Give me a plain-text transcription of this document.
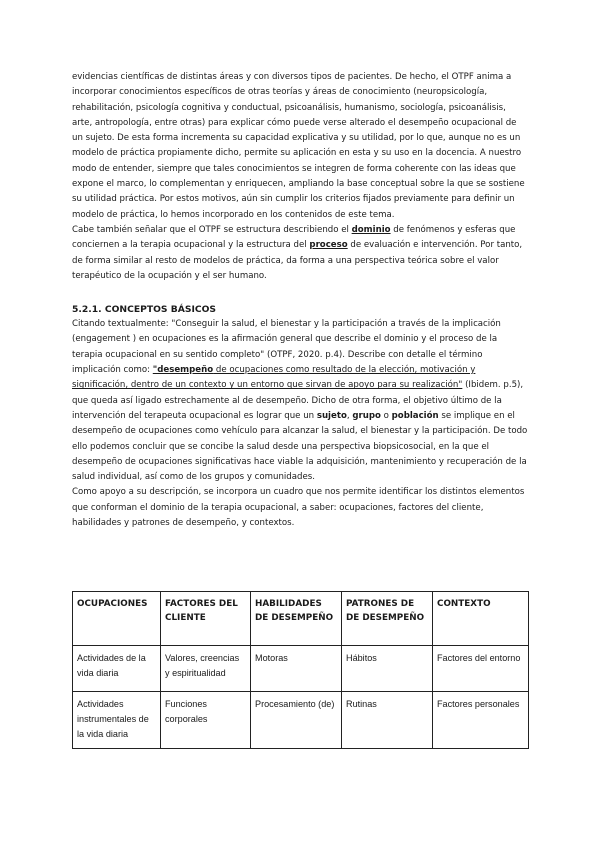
evidencias científicas de distintas áreas y con diversos tipos de pacientes. De hecho, el OTPF anima a incorporar conocimientos específicos de otras teorías y áreas de conocimiento (neuropsicología, rehabilitación, psicología cognitiva y conductual, psicoanálisis, humanismo, sociología, psicoanálisis, arte, antropología, entre otras) para explicar cómo puede verse alterado el desempeño ocupacional de un sujeto. De esta forma incrementa su capacidad explicativa y su utilidad, por lo que, aunque no es un modelo de práctica propiamente dicho, permite su aplicación en esta y su uso en la docencia. A nuestro modo de entender, siempre que tales conocimientos se integren de forma coherente con las ideas que expone el marco, lo complementan y enriquecen, ampliando la base conceptual sobre la que se sostiene su utilidad práctica. Por estos motivos, aún sin cumplir los criterios fijados previamente para definir un modelo de práctica, lo hemos incorporado en los contenidos de este tema.

Cabe también señalar que el OTPF se estructura describiendo el dominio de fenómenos y esferas que conciernen a la terapia ocupacional y la estructura del proceso de evaluación e intervención. Por tanto, de forma similar al resto de modelos de práctica, da forma a una perspectiva teórica sobre el valor terapéutico de la ocupación y el ser humano.

5.2.1. CONCEPTOS BÁSICOS

Citando textualmente: "Conseguir la salud, el bienestar y la participación a través de la implicación (engagement ) en ocupaciones es la afirmación general que describe el dominio y el proceso de la terapia ocupacional en su sentido completo" (OTPF, 2020. p.4). Describe con detalle el término implicación como: "desempeño de ocupaciones como resultado de la elección, motivación y significación, dentro de un contexto y un entorno que sirvan de apoyo para su realización" (Ibidem. p.5), que queda así ligado estrechamente al de desempeño. Dicho de otra forma, el objetivo último de la intervención del terapeuta ocupacional es lograr que un sujeto, grupo o población se implique en el desempeño de ocupaciones como vehículo para alcanzar la salud, el bienestar y la participación. De todo ello podemos concluir que se concibe la salud desde una perspectiva biopsicosocial, en la que el desempeño de ocupaciones significativas hace viable la adquisición, mantenimiento y recuperación de la salud individual, así como de los grupos y comunidades.

Como apoyo a su descripción, se incorpora un cuadro que nos permite identificar los distintos elementos que conforman el dominio de la terapia ocupacional, a saber: ocupaciones, factores del cliente, habilidades y patrones de desempeño, y contextos.

OCUPACIONES	FACTORES DEL CLIENTE	HABILIDADES DE DESEMPEÑO	PATRONES DE DE DESEMPEÑO	CONTEXTO
Actividades de la vida diaria	Valores, creencias y espiritualidad	Motoras	Hábitos	Factores del entorno
Actividades instrumentales de la vida diaria	Funciones corporales	Procesamiento (de)	Rutinas	Factores personales
